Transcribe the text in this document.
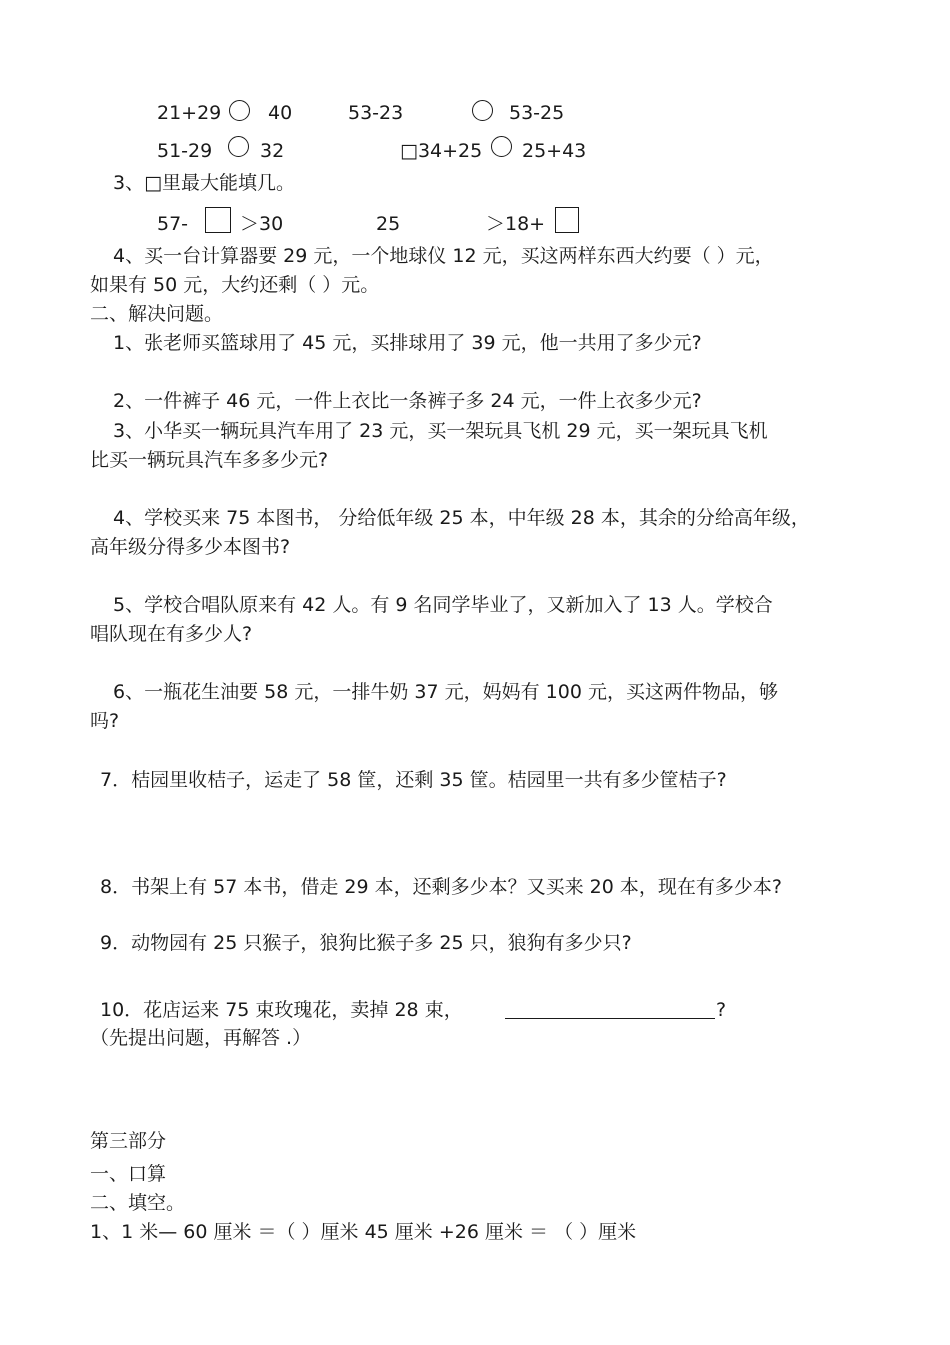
21+29 40	53-23	53-25
51-29	32	□34+25 25+43
3、□里最大能填几。
57-	＞30	25	＞18+
4、买一台计算器要 29 元，一个地球仪 12 元，买这两样东西大约要（ ）元，
如果有 50 元，大约还剩（ ）元。
二、解决问题。
1、张老师买篮球用了 45 元，买排球用了 39 元，他一共用了多少元?
2、一件裤子 46 元，一件上衣比一条裤子多 24 元，一件上衣多少元?
3、小华买一辆玩具汽车用了 23 元，买一架玩具飞机 29 元，买一架玩具飞机
比买一辆玩具汽车多多少元?
4、学校买来 75 本图书， 分给低年级 25 本，中年级 28 本，其余的分给高年级，
高年级分得多少本图书?
5、学校合唱队原来有 42 人。有 9 名同学毕业了，又新加入了 13 人。学校合
唱队现在有多少人?
6、一瓶花生油要 58 元，一排牛奶 37 元，妈妈有 100 元，买这两件物品，够
吗?
7．桔园里收桔子，运走了 58 筐，还剩 35 筐。桔园里一共有多少筐桔子?
8．书架上有 57 本书，借走 29 本，还剩多少本？又买来 20 本，现在有多少本?
9．动物园有 25 只猴子，狼狗比猴子多 25 只，狼狗有多少只?
10．花店运来 75 束玫瑰花，卖掉 28 束，	?
（先提出问题，再解答 .）
第三部分
一、口算
二、填空。
1、1 米— 60 厘米 ＝（ ）厘米 45 厘米 +26 厘米 ＝ （ ）厘米
